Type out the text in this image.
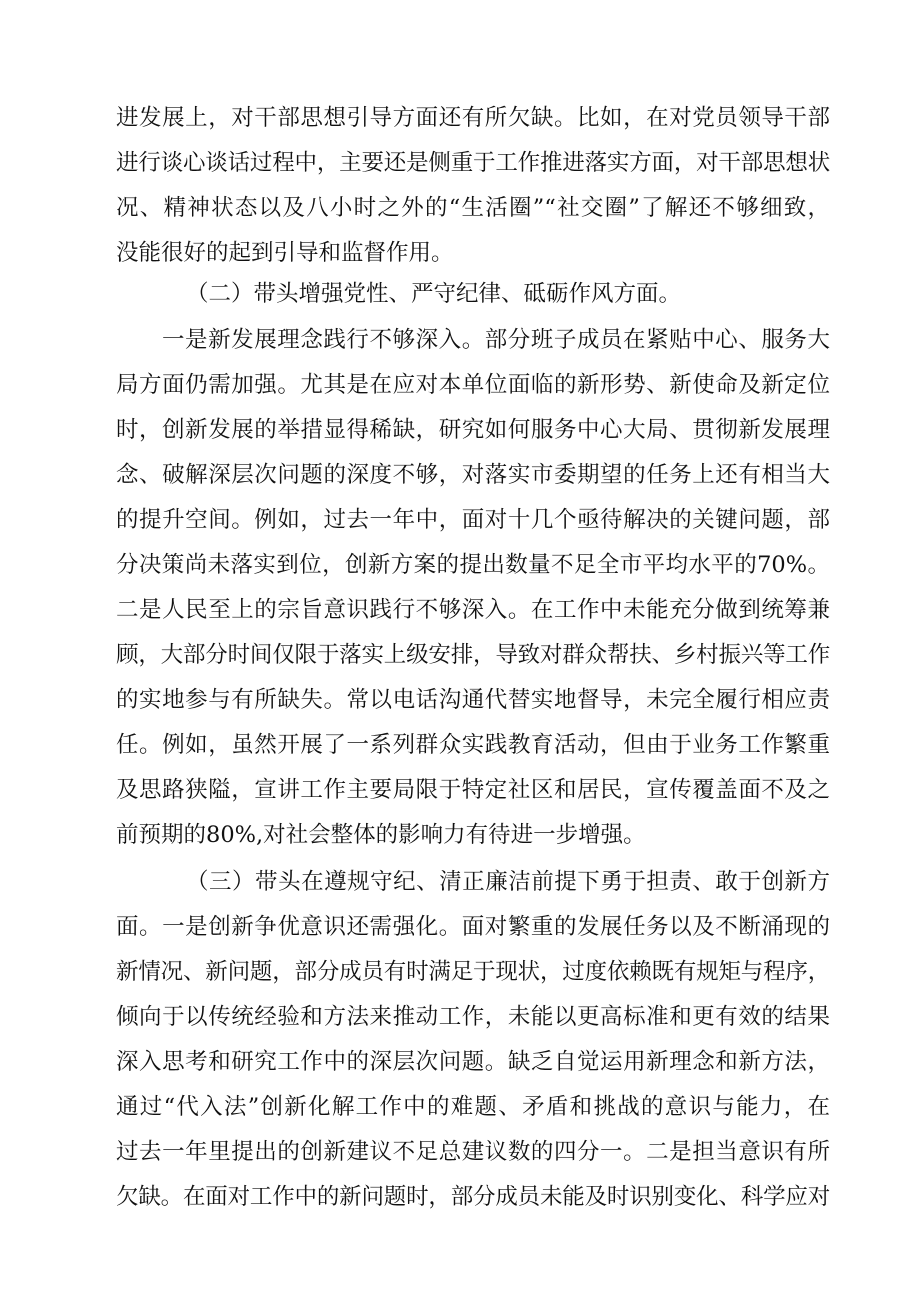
进发展上，对干部思想引导方面还有所欠缺。比如，在对党员领导干部
进行谈心谈话过程中，主要还是侧重于工作推进落实方面，对干部思想状
况、精神状态以及八小时之外的“生活圈”“社交圈”了解还不够细致，
没能很好的起到引导和监督作用。
（二）带头增强党性、严守纪律、砥砺作风方面。
一是新发展理念践行不够深入。部分班子成员在紧贴中心、服务大
局方面仍需加强。尤其是在应对本单位面临的新形势、新使命及新定位
时，创新发展的举措显得稀缺，研究如何服务中心大局、贯彻新发展理
念、破解深层次问题的深度不够，对落实市委期望的任务上还有相当大
的提升空间。例如，过去一年中，面对十几个亟待解决的关键问题，部
分决策尚未落实到位，创新方案的提出数量不足全市平均水平的70%。
二是人民至上的宗旨意识践行不够深入。在工作中未能充分做到统筹兼
顾，大部分时间仅限于落实上级安排，导致对群众帮扶、乡村振兴等工作
的实地参与有所缺失。常以电话沟通代替实地督导，未完全履行相应责
任。例如，虽然开展了一系列群众实践教育活动，但由于业务工作繁重
及思路狭隘，宣讲工作主要局限于特定社区和居民，宣传覆盖面不及之
前预期的80%,对社会整体的影响力有待进一步增强。
（三）带头在遵规守纪、清正廉洁前提下勇于担责、敢于创新方
面。一是创新争优意识还需强化。面对繁重的发展任务以及不断涌现的
新情况、新问题，部分成员有时满足于现状，过度依赖既有规矩与程序，
倾向于以传统经验和方法来推动工作，未能以更高标准和更有效的结果
深入思考和研究工作中的深层次问题。缺乏自觉运用新理念和新方法，
通过“代入法”创新化解工作中的难题、矛盾和挑战的意识与能力，在
过去一年里提出的创新建议不足总建议数的四分一。二是担当意识有所
欠缺。在面对工作中的新问题时，部分成员未能及时识别变化、科学应对
